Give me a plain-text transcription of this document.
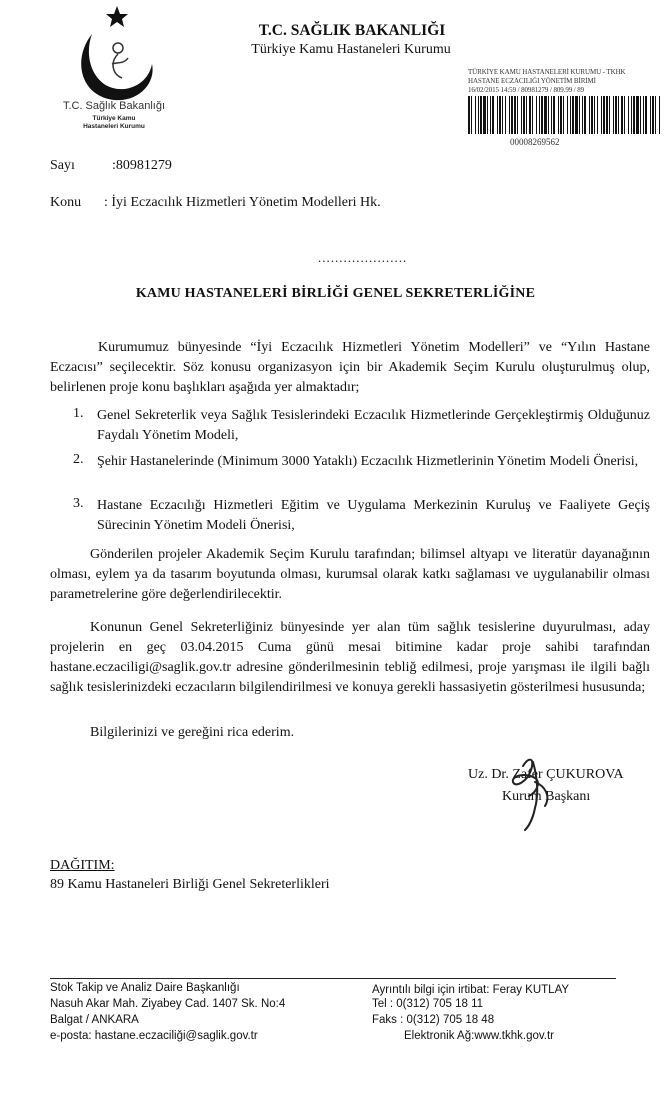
T.C. Sağlık Bakanlığı
Türkiye Kamu
Hastaneleri Kurumu
T.C. SAĞLIK BAKANLIĞI
Türkiye Kamu Hastaneleri Kurumu
TÜRKİYE KAMU HASTANELERİ KURUMU - TKHK
HASTANE ECZACILIĞI YÖNETİM BİRİMİ
16/02/2015 14:59 / 80981279 / 809.99 / 89
00008269562
Sayı	:80981279
Konu : İyi Eczacılık Hizmetleri Yönetim Modelleri Hk.
.....................
KAMU HASTANELERİ BİRLİĞİ GENEL SEKRETERLİĞİNE
Kurumumuz bünyesinde “İyi Eczacılık Hizmetleri Yönetim Modelleri” ve “Yılın Hastane Eczacısı” seçilecektir. Söz konusu organizasyon için bir Akademik Seçim Kurulu oluşturulmuş olup, belirlenen proje konu başlıkları aşağıda yer almaktadır;
1. Genel Sekreterlik veya Sağlık Tesislerindeki Eczacılık Hizmetlerinde Gerçekleştirmiş Olduğunuz Faydalı Yönetim Modeli,
2. Şehir Hastanelerinde (Minimum 3000 Yataklı) Eczacılık Hizmetlerinin Yönetim Modeli Önerisi,
3. Hastane Eczacılığı Hizmetleri Eğitim ve Uygulama Merkezinin Kuruluş ve Faaliyete Geçiş Sürecinin Yönetim Modeli Önerisi,
Gönderilen projeler Akademik Seçim Kurulu tarafından; bilimsel altyapı ve literatür dayanağının olması, eylem ya da tasarım boyutunda olması, kurumsal olarak katkı sağlaması ve uygulanabilir olması parametrelerine göre değerlendirilecektir.
Konunun Genel Sekreterliğiniz bünyesinde yer alan tüm sağlık tesislerine duyurulması, aday projelerin en geç 03.04.2015 Cuma günü mesai bitimine kadar proje sahibi tarafından hastane.eczaciligi@saglik.gov.tr adresine gönderilmesinin tebliğ edilmesi, proje yarışması ile ilgili bağlı sağlık tesislerinizdeki eczacıların bilgilendirilmesi ve konuya gerekli hassasiyetin gösterilmesi hususunda;
Bilgilerinizi ve gereğini rica ederim.
Uz. Dr. Zafer ÇUKUROVA
Kurum Başkanı
DAĞITIM:
89 Kamu Hastaneleri Birliği Genel Sekreterlikleri
Stok Takip ve Analiz Daire Başkanlığı
Nasuh Akar Mah. Ziyabey Cad. 1407 Sk. No:4
Balgat / ANKARA
e-posta: hastane.eczaciliği@saglik.gov.tr
Ayrıntılı bilgi için irtibat: Feray KUTLAY
Tel : 0(312) 705 18 11
Faks : 0(312) 705 18 48
Elektronik Ağ:www.tkhk.gov.tr
